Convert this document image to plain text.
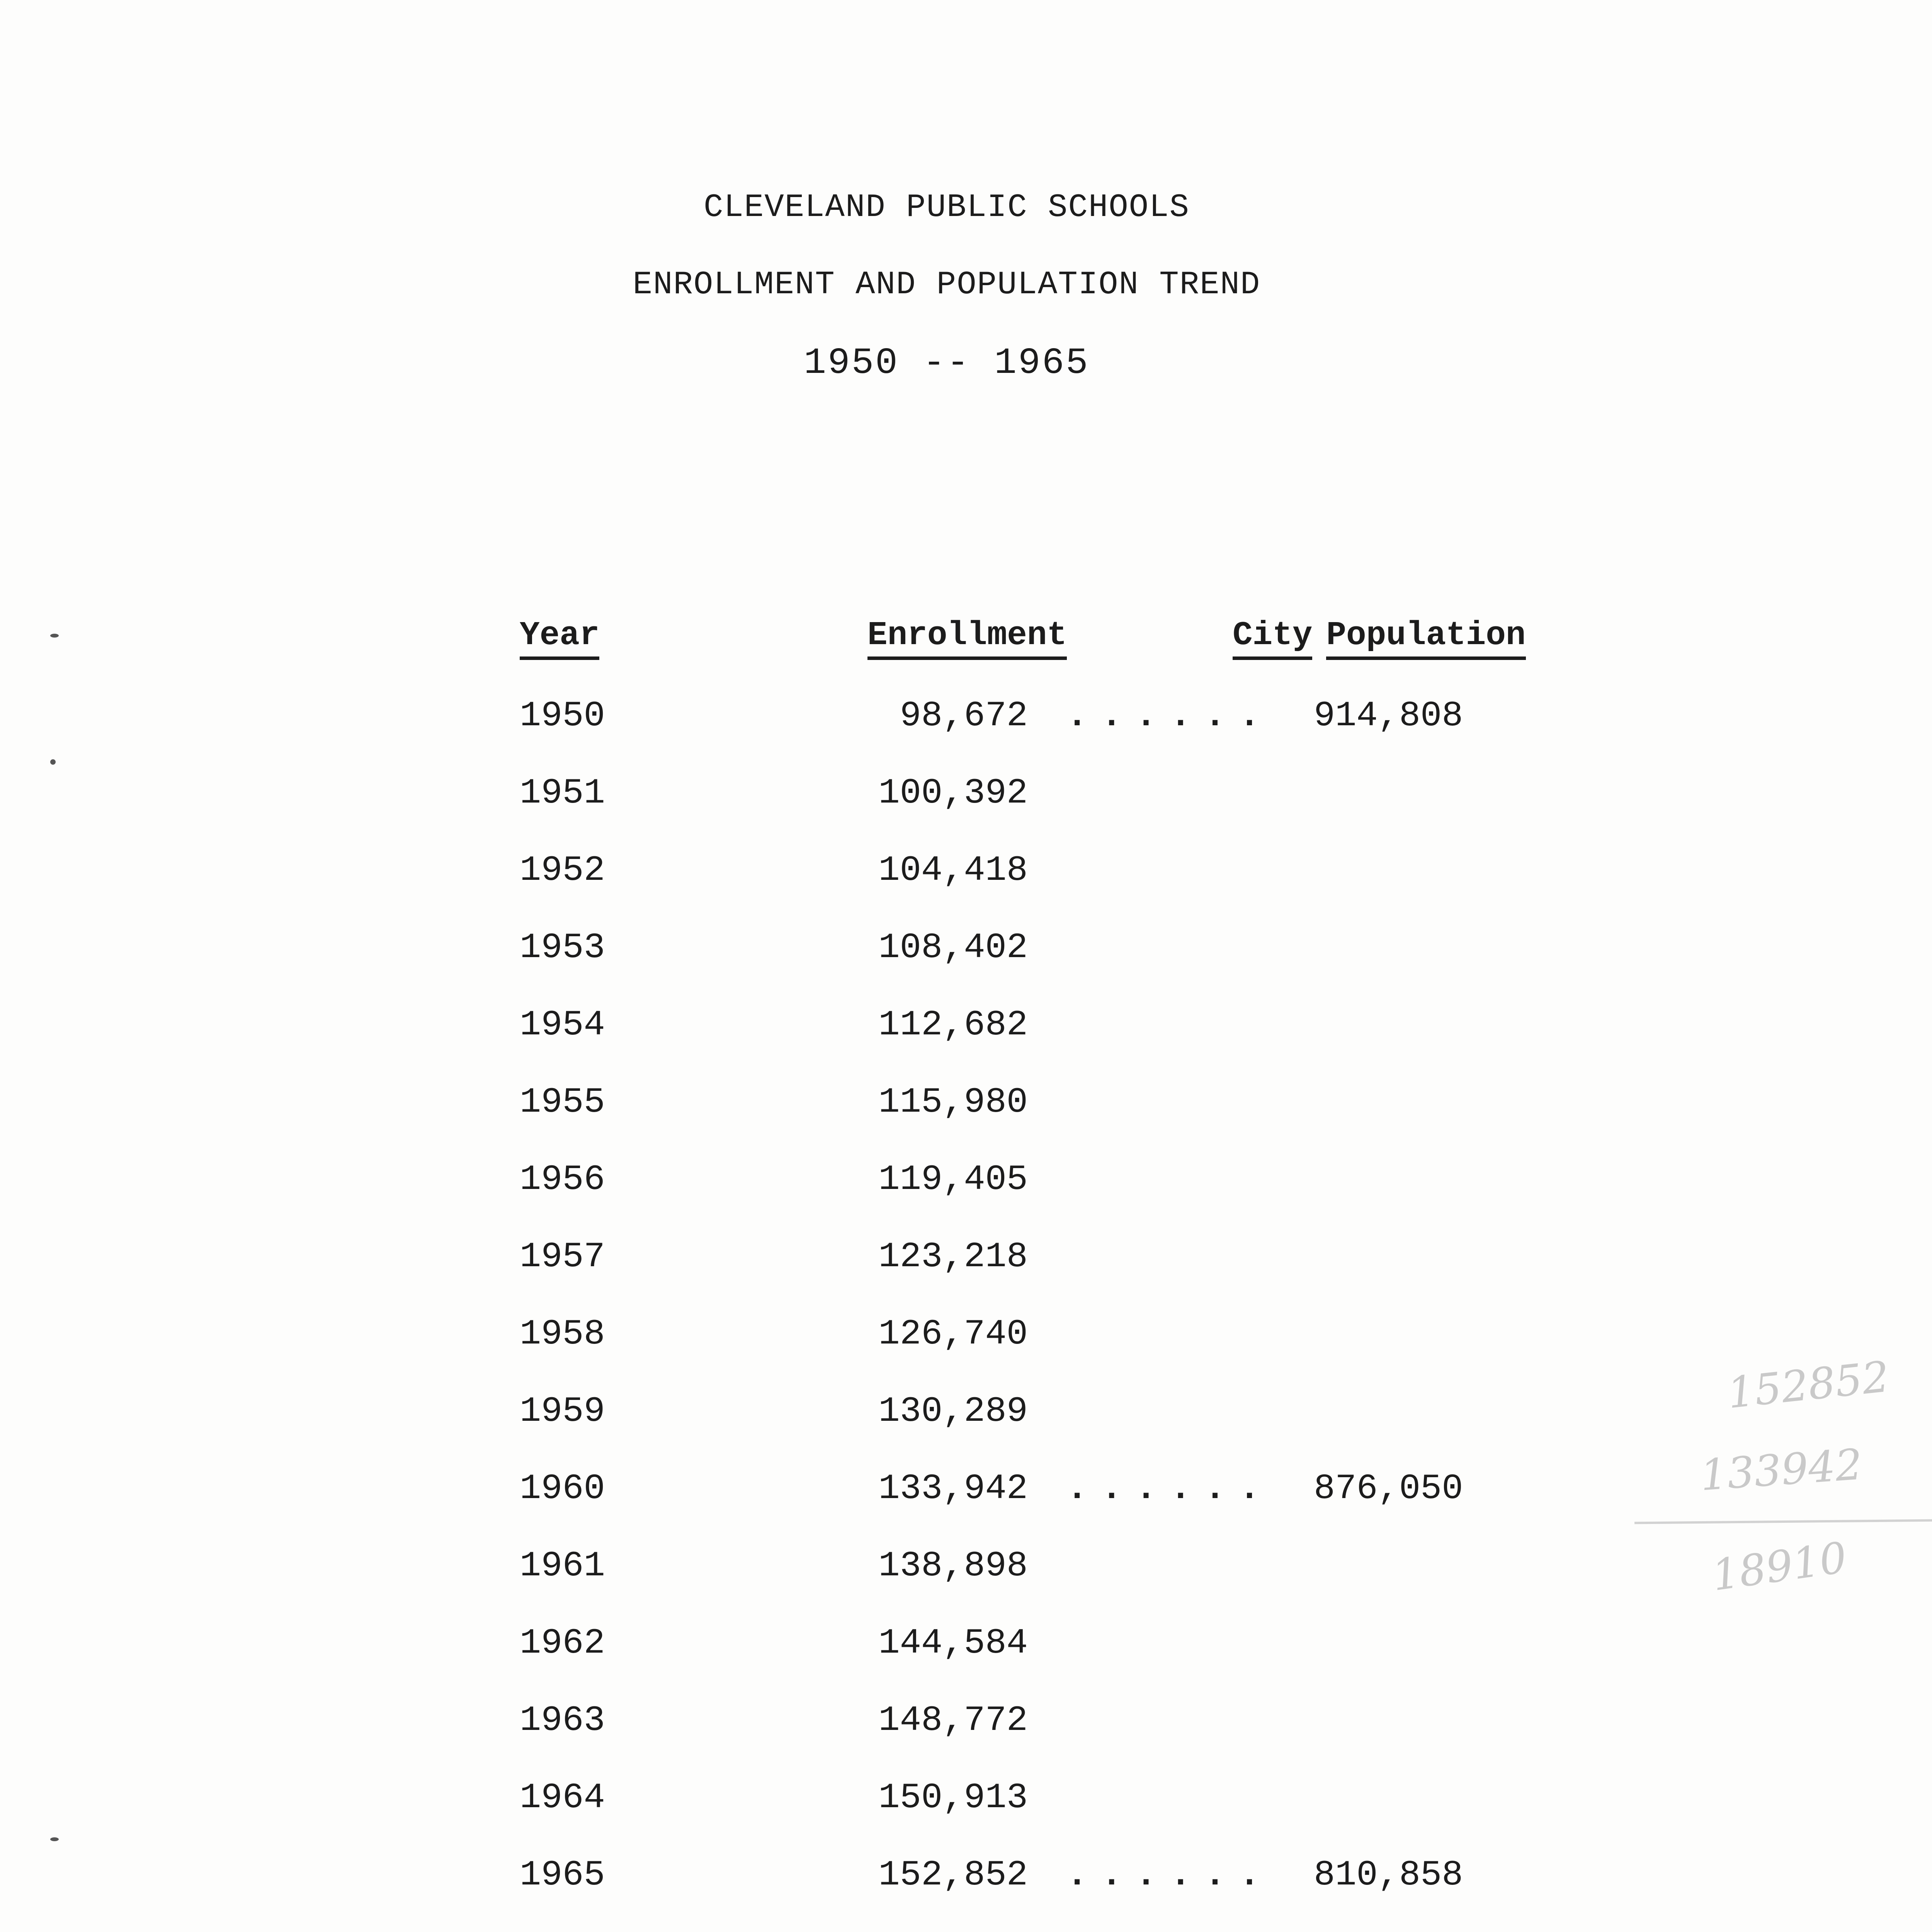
CLEVELAND PUBLIC SCHOOLS
ENROLLMENT AND POPULATION TREND
1950 -- 1965
Year	Enrollment	City Population
1950	98,672 ...... 914,808
1951	100,392
1952	104,418
1953	108,402
1954	112,682
1955	115,980
1956	119,405
1957	123,218
1958	126,740
1959	130,289
1960	133,942 ...... 876,050
1961	138,898
1962	144,584
1963	148,772
1964	150,913
1965	152,852 ...... 810,858
152852
133942
18910
